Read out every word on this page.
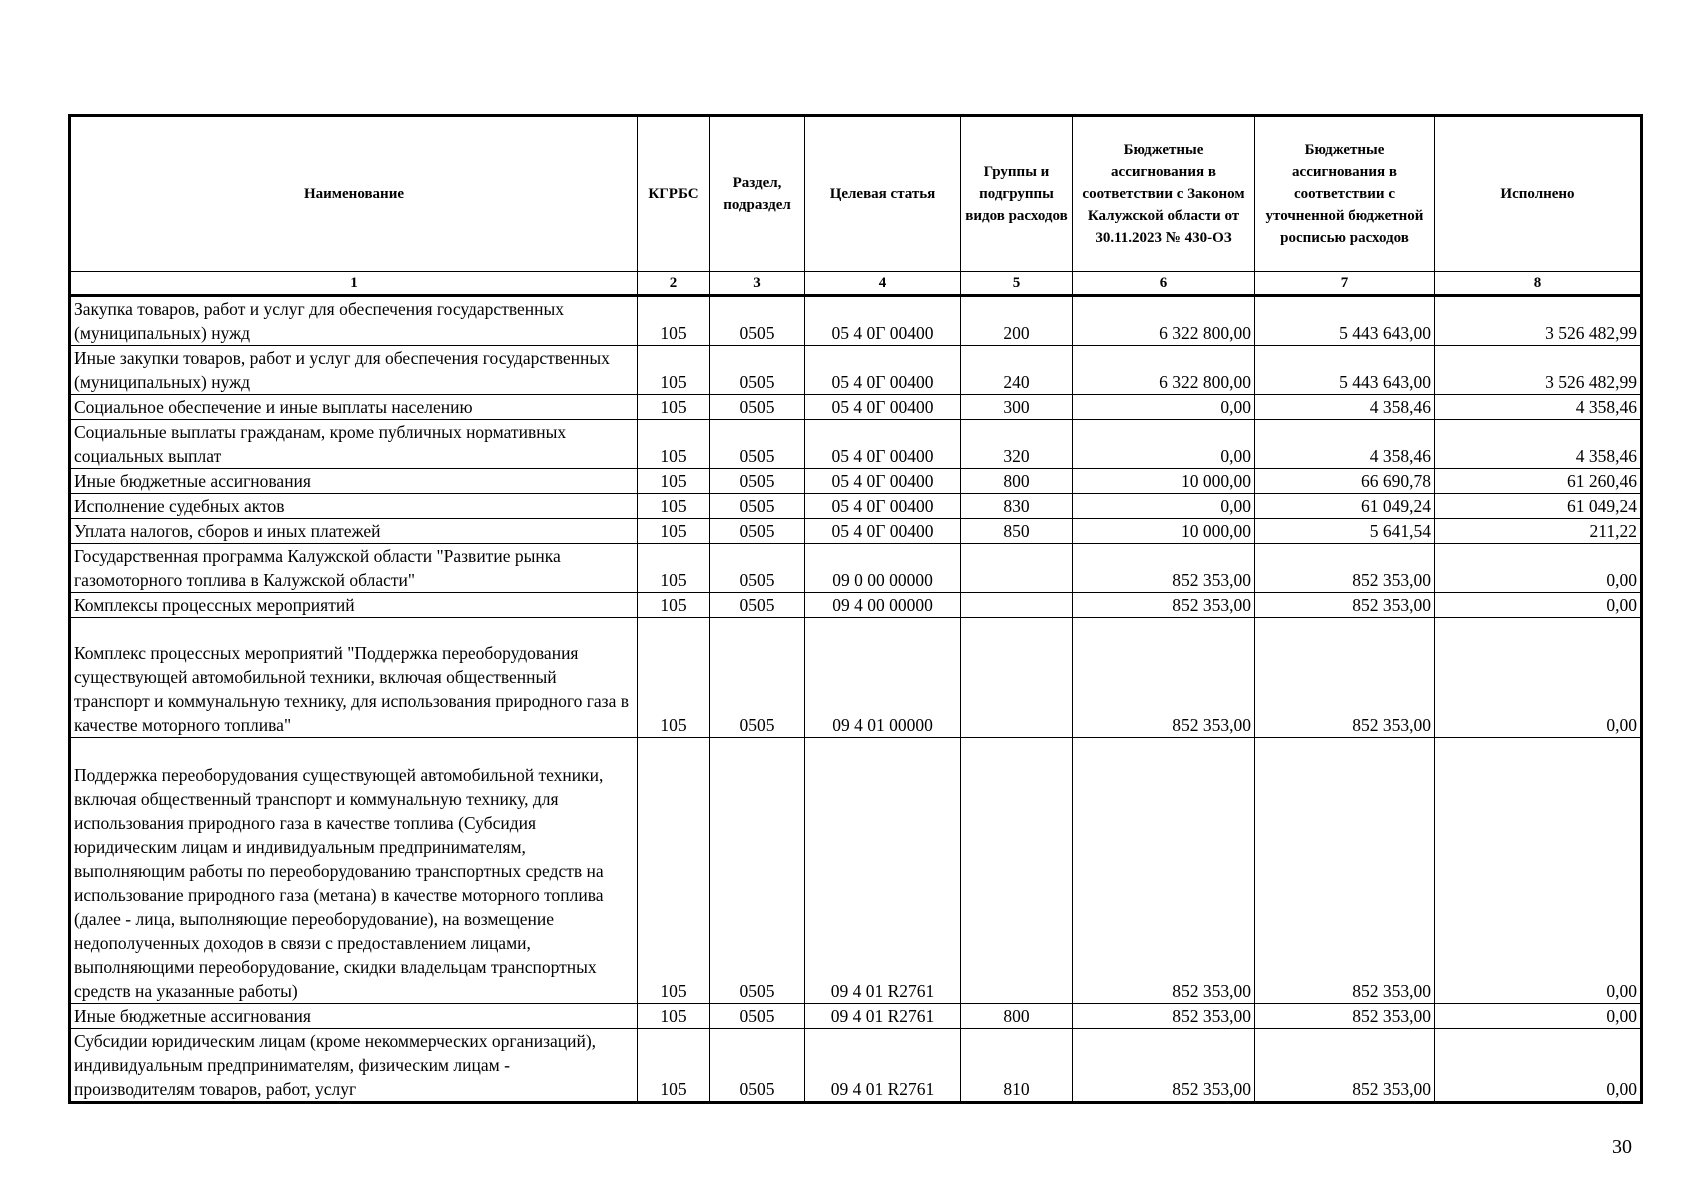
Наименование	КГРБС	Раздел, подраздел	Целевая статья	Группы и подгруппы видов расходов	Бюджетные ассигнования в соответствии с Законом Калужской области от 30.11.2023 № 430-ОЗ	Бюджетные ассигнования в соответствии с уточненной бюджетной росписью расходов	Исполнено
1	2	3	4	5	6	7	8
Закупка товаров, работ и услуг для обеспечения государственных (муниципальных) нужд	105	0505	05 4 0Г 00400	200	6 322 800,00	5 443 643,00	3 526 482,99
Иные закупки товаров, работ и услуг для обеспечения государственных (муниципальных) нужд	105	0505	05 4 0Г 00400	240	6 322 800,00	5 443 643,00	3 526 482,99
Социальное обеспечение и иные выплаты населению	105	0505	05 4 0Г 00400	300	0,00	4 358,46	4 358,46
Социальные выплаты гражданам, кроме публичных нормативных социальных выплат	105	0505	05 4 0Г 00400	320	0,00	4 358,46	4 358,46
Иные бюджетные ассигнования	105	0505	05 4 0Г 00400	800	10 000,00	66 690,78	61 260,46
Исполнение судебных актов	105	0505	05 4 0Г 00400	830	0,00	61 049,24	61 049,24
Уплата налогов, сборов и иных платежей	105	0505	05 4 0Г 00400	850	10 000,00	5 641,54	211,22
Государственная программа Калужской области "Развитие рынка газомоторного топлива в Калужской области"	105	0505	09 0 00 00000		852 353,00	852 353,00	0,00
Комплексы процессных мероприятий	105	0505	09 4 00 00000		852 353,00	852 353,00	0,00
Комплекс процессных мероприятий "Поддержка переоборудования существующей автомобильной техники, включая общественный транспорт и коммунальную технику, для использования природного газа в качестве моторного топлива"	105	0505	09 4 01 00000		852 353,00	852 353,00	0,00
Поддержка переоборудования существующей автомобильной техники, включая общественный транспорт и коммунальную технику, для использования природного газа в качестве топлива (Субсидия юридическим лицам и индивидуальным предпринимателям, выполняющим работы по переоборудованию транспортных средств на использование природного газа (метана) в качестве моторного топлива (далее - лица, выполняющие переоборудование), на возмещение недополученных доходов в связи с предоставлением лицами, выполняющими переоборудование, скидки владельцам транспортных средств на указанные работы)	105	0505	09 4 01 R2761		852 353,00	852 353,00	0,00
Иные бюджетные ассигнования	105	0505	09 4 01 R2761	800	852 353,00	852 353,00	0,00
Субсидии юридическим лицам (кроме некоммерческих организаций), индивидуальным предпринимателям, физическим лицам - производителям товаров, работ, услуг	105	0505	09 4 01 R2761	810	852 353,00	852 353,00	0,00
30
